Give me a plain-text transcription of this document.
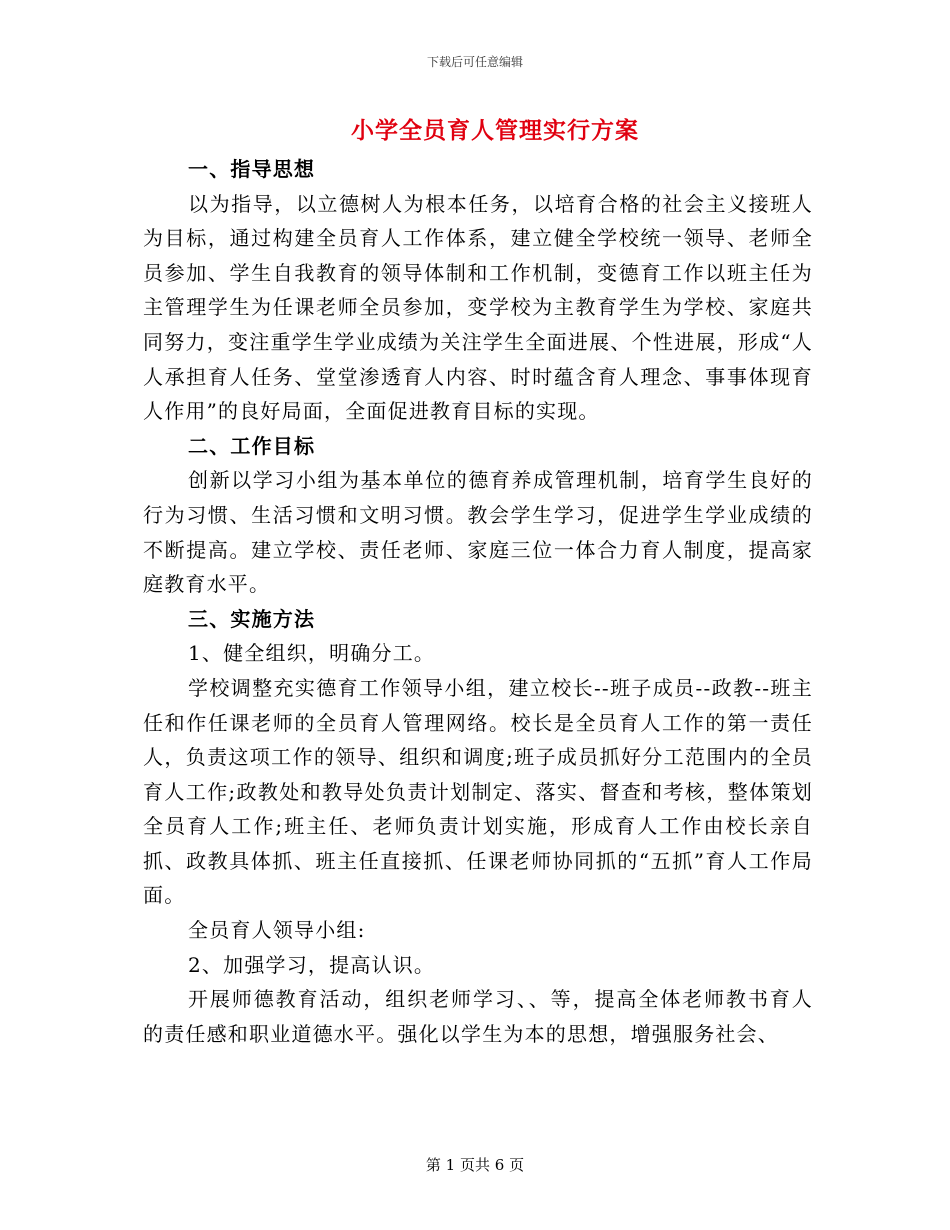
下载后可任意编辑
小学全员育人管理实行方案

一、指导思想

以为指导，以立德树人为根本任务，以培育合格的社会主义接班人为目标，通过构建全员育人工作体系，建立健全学校统一领导、老师全员参加、学生自我教育的领导体制和工作机制，变德育工作以班主任为主管理学生为任课老师全员参加，变学校为主教育学生为学校、家庭共同努力，变注重学生学业成绩为关注学生全面进展、个性进展，形成“人人承担育人任务、堂堂渗透育人内容、时时蕴含育人理念、事事体现育人作用”的良好局面，全面促进教育目标的实现。

二、工作目标

创新以学习小组为基本单位的德育养成管理机制，培育学生良好的行为习惯、生活习惯和文明习惯。教会学生学习，促进学生学业成绩的不断提高。建立学校、责任老师、家庭三位一体合力育人制度，提高家庭教育水平。

三、实施方法

1、健全组织，明确分工。

学校调整充实德育工作领导小组，建立校长--班子成员--政教--班主任和作任课老师的全员育人管理网络。校长是全员育人工作的第一责任人，负责这项工作的领导、组织和调度;班子成员抓好分工范围内的全员育人工作;政教处和教导处负责计划制定、落实、督查和考核，整体策划全员育人工作;班主任、老师负责计划实施，形成育人工作由校长亲自抓、政教具体抓、班主任直接抓、任课老师协同抓的“五抓”育人工作局面。

全员育人领导小组:

2、加强学习，提高认识。

开展师德教育活动，组织老师学习、、等，提高全体老师教书育人的责任感和职业道德水平。强化以学生为本的思想，增强服务社会、

第 1 页共 6 页
